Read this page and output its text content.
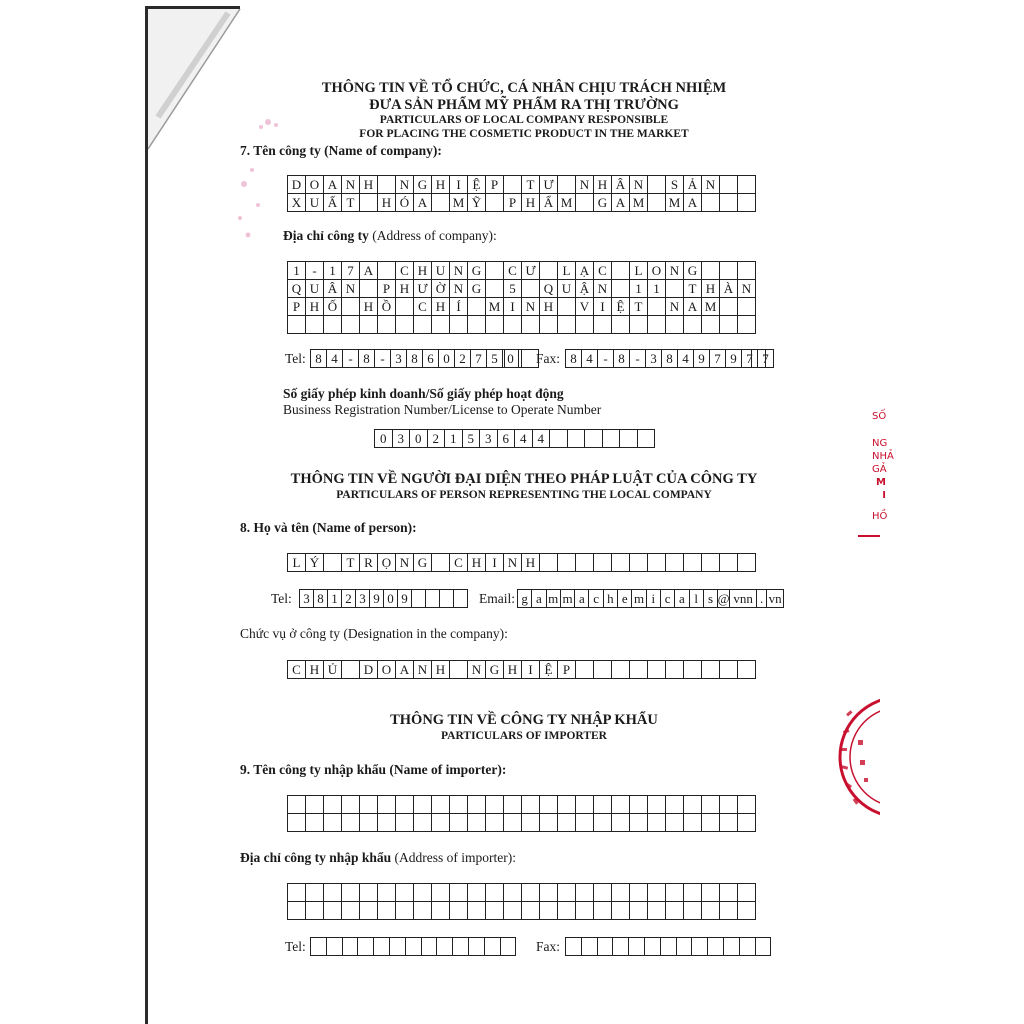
THÔNG TIN VỀ TỔ CHỨC, CÁ NHÂN CHỊU TRÁCH NHIỆM
ĐƯA SẢN PHẨM MỸ PHẨM RA THỊ TRƯỜNG
PARTICULARS OF LOCAL COMPANY RESPONSIBLE
FOR PLACING THE COSMETIC PRODUCT IN THE MARKET
7. Tên công ty (Name of company):
D O A N H	N G H I Ệ P	T Ư	N H Â N	S Ả N
X U Ấ T	H Ó A	M Ỹ	P H Ẩ M G A M M A
Địa chỉ công ty (Address of company):
1 - 1 7 A	C H U N G	C Ư	L Ạ C	L O N G
Q U Â N	P H Ư Ờ N G	5	Q U Ậ N	1 1	T H À N
P H Ố	H Ồ	C H Í	M I N H	V I Ệ T	N A M
Tel: 8 4 - 8 - 3 8 6 0 2 7 5 0	Fax: 8 4 - 8 - 3 8 4 9 7 9 7 7
Số giấy phép kinh doanh/Số giấy phép hoạt động
Business Registration Number/License to Operate Number
0 3 0 2 1 5 3 6 4 4
THÔNG TIN VỀ NGƯỜI ĐẠI DIỆN THEO PHÁP LUẬT CỦA CÔNG TY
PARTICULARS OF PERSON REPRESENTING THE LOCAL COMPANY
8. Họ và tên (Name of person):
L Ý	T R Ọ N G	C H I N H
Tel: 3 8 1 2 3 9 0 9	Email: g a m m a c h e m i c a l s @ vnn . vn
Chức vụ ở công ty (Designation in the company):
C H Ủ	D O A N H	N G H I Ệ P
THÔNG TIN VỀ CÔNG TY NHẬP KHẨU
PARTICULARS OF IMPORTER
9. Tên công ty nhập khẩu (Name of importer):
Địa chỉ công ty nhập khẩu (Address of importer):
Tel:	Fax:
SỐ
NG
NHẢ
GẢ
M I
HỒ
